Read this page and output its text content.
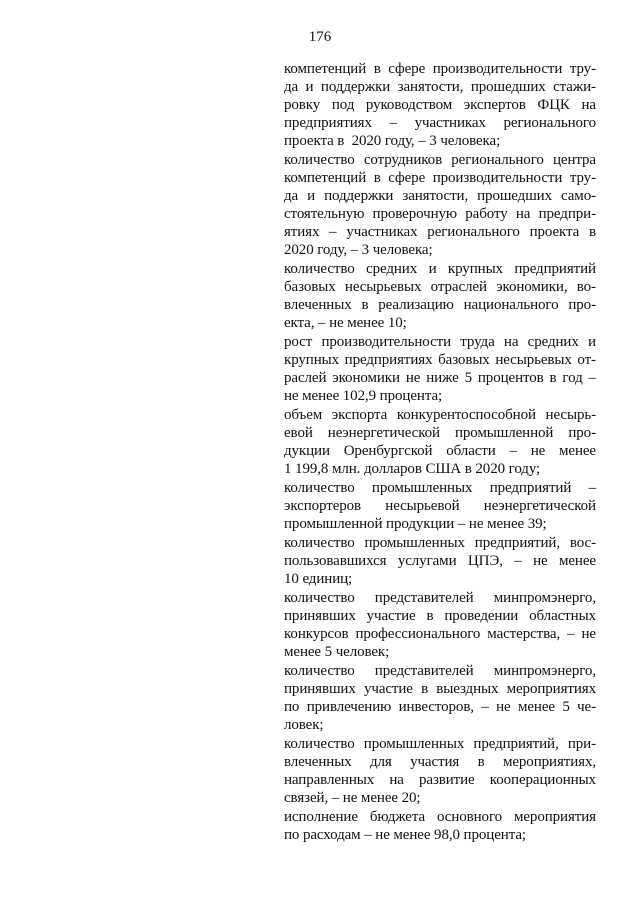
176
компетенций в сфере производительности тру-
да и поддержки занятости, прошедших стажи-
ровку под руководством экспертов ФЦК на
предприятиях – участниках регионального
проекта в  2020 году, – 3 человека;
количество сотрудников регионального центра
компетенций в сфере производительности тру-
да и поддержки занятости, прошедших само-
стоятельную проверочную работу на предпри-
ятиях – участниках регионального проекта в
2020 году, – 3 человека;
количество средних и крупных предприятий
базовых несырьевых отраслей экономики, во-
влеченных в реализацию национального про-
екта, – не менее 10;
рост производительности труда на средних и
крупных предприятиях базовых несырьевых от-
раслей экономики не ниже 5 процентов в год –
не менее 102,9 процента;
объем экспорта конкурентоспособной несырь-
евой неэнергетической промышленной про-
дукции Оренбургской области – не менее
1 199,8 млн. долларов США в 2020 году;
количество промышленных предприятий –
экспортеров несырьевой неэнергетической
промышленной продукции – не менее 39;
количество промышленных предприятий, вос-
пользовавшихся услугами ЦПЭ, – не менее
10 единиц;
количество представителей минпромэнерго,
принявших участие в проведении областных
конкурсов профессионального мастерства, – не
менее 5 человек;
количество представителей минпромэнерго,
принявших участие в выездных мероприятиях
по привлечению инвесторов, – не менее 5 че-
ловек;
количество промышленных предприятий, при-
влеченных для участия в мероприятиях,
направленных на развитие кооперационных
связей, – не менее 20;
исполнение бюджета основного мероприятия
по расходам – не менее 98,0 процента;
